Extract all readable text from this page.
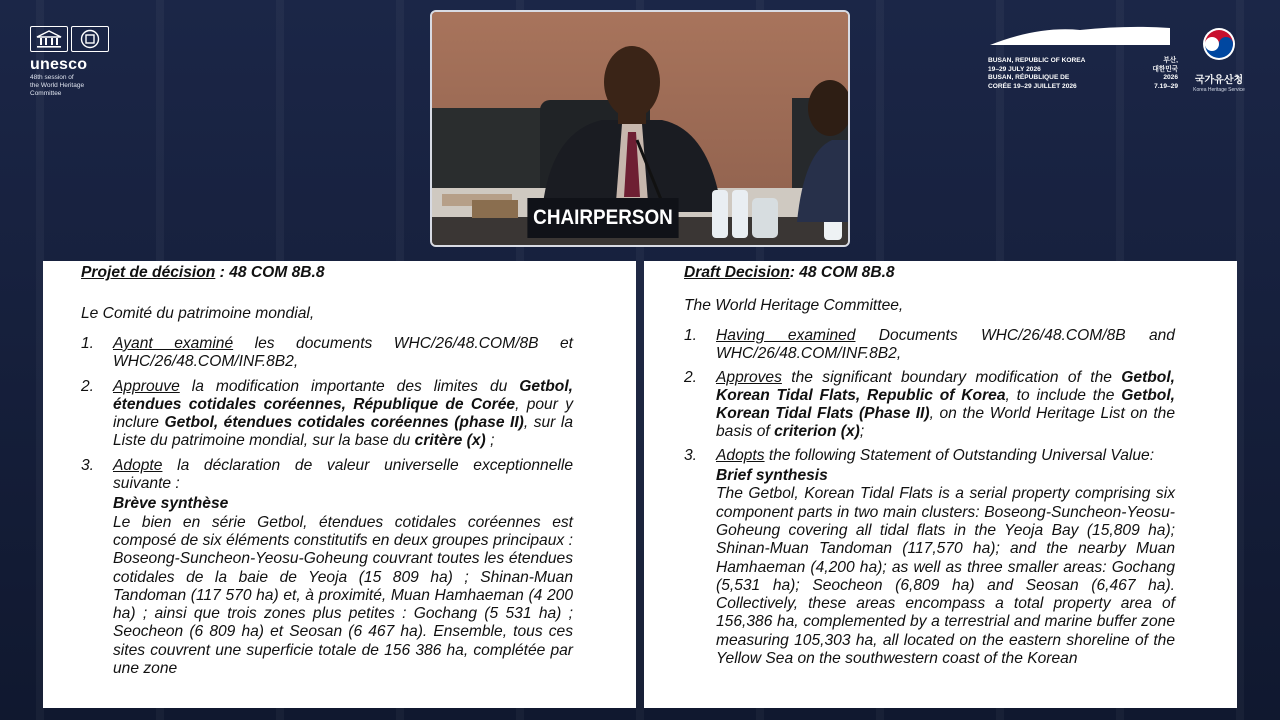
unesco
48th session of
the World Heritage
Committee
CHAIRPERSON
BUSAN, REPUBLIC OF KOREA
19–29 JULY 2026
BUSAN, RÉPUBLIQUE DE
CORÉE 19–29 JUILLET 2026
부산,
대한민국
2026
7.19–29	국가유산청
Korea Heritage Service
Projet de décision : 48 COM 8B.8
Le Comité du patrimoine mondial,
1. Ayant examiné les documents WHC/26/48.COM/8B et WHC/26/48.COM/INF.8B2,
2. Approuve la modification importante des limites du Getbol, étendues cotidales coréennes, République de Corée, pour y inclure Getbol, étendues cotidales coréennes (phase II), sur la Liste du patrimoine mondial, sur la base du critère (x) ;
3. Adopte la déclaration de valeur universelle exceptionnelle suivante :
Brève synthèse
Le bien en série Getbol, étendues cotidales coréennes est composé de six éléments constitutifs en deux groupes principaux : Boseong-Suncheon-Yeosu-Goheung couvrant toutes les étendues cotidales de la baie de Yeoja (15 809 ha) ; Shinan-Muan Tandoman (117 570 ha) et, à proximité, Muan Hamhaeman (4 200 ha) ; ainsi que trois zones plus petites : Gochang (5 531 ha) ; Seocheon (6 809 ha) et Seosan (6 467 ha). Ensemble, tous ces sites couvrent une superficie totale de 156 386 ha, complétée par une zone
Draft Decision: 48 COM 8B.8
The World Heritage Committee,
1. Having examined Documents WHC/26/48.COM/8B and WHC/26/48.COM/INF.8B2,
2. Approves the significant boundary modification of the Getbol, Korean Tidal Flats, Republic of Korea, to include the Getbol, Korean Tidal Flats (Phase II), on the World Heritage List on the basis of criterion (x);
3. Adopts the following Statement of Outstanding Universal Value:
Brief synthesis
The Getbol, Korean Tidal Flats is a serial property comprising six component parts in two main clusters: Boseong-Suncheon-Yeosu-Goheung covering all tidal flats in the Yeoja Bay (15,809 ha); Shinan-Muan Tandoman (117,570 ha); and the nearby Muan Hamhaeman (4,200 ha); as well as three smaller areas: Gochang (5,531 ha); Seocheon (6,809 ha) and Seosan (6,467 ha). Collectively, these areas encompass a total property area of 156,386 ha, complemented by a terrestrial and marine buffer zone measuring 105,303 ha, all located on the eastern shoreline of the Yellow Sea on the southwestern coast of the Korean
